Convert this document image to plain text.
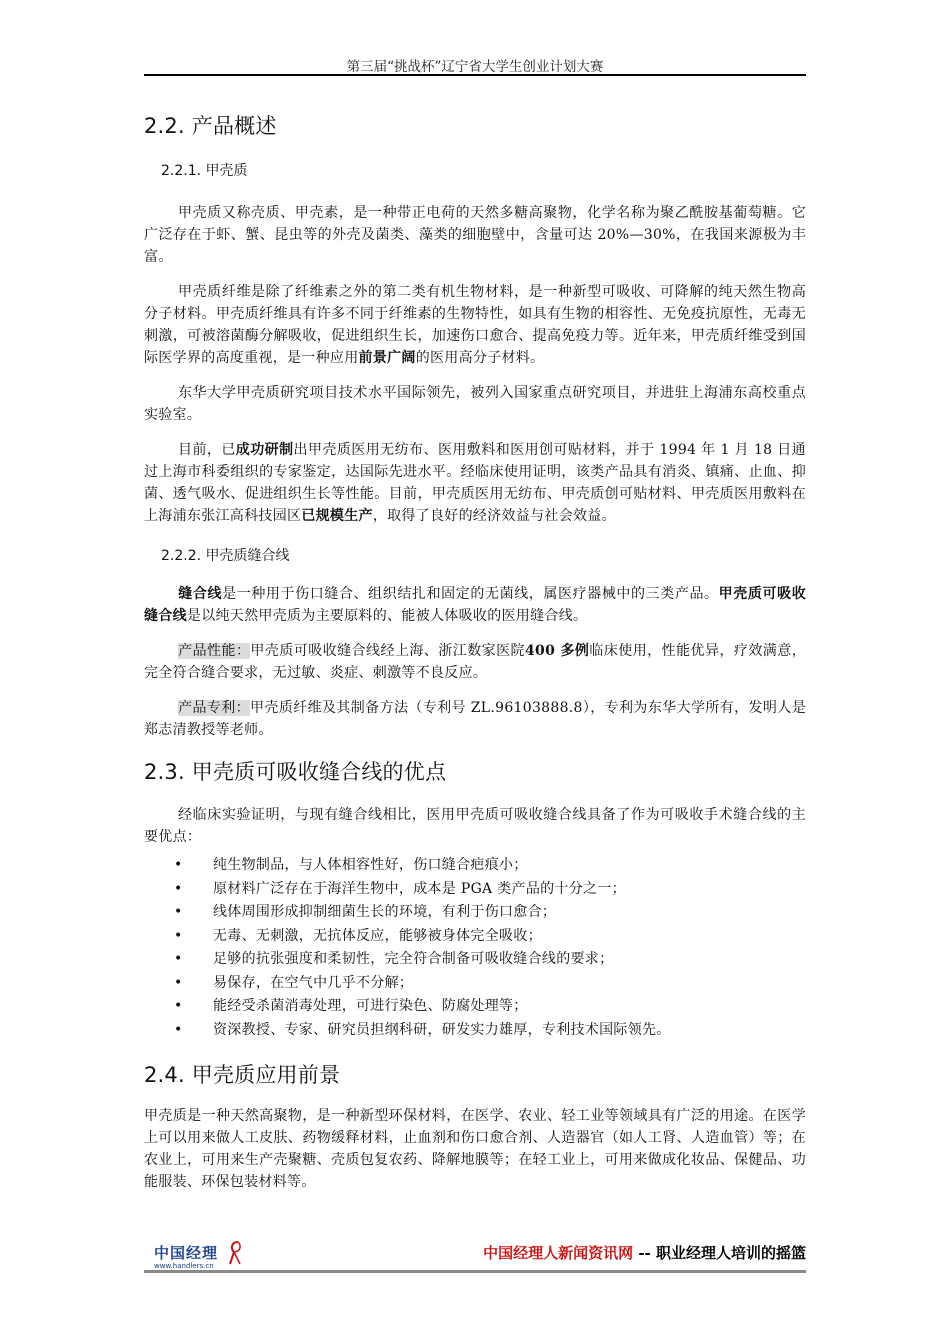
第三届“挑战杯”辽宁省大学生创业计划大赛
2.2. 产品概述
2.2.1. 甲壳质

甲壳质又称壳质、甲壳素，是一种带正电荷的天然多糖高聚物，化学名称为聚乙酰胺基葡萄糖。它广泛存在于虾、蟹、昆虫等的外壳及菌类、藻类的细胞壁中，含量可达 20%—30%，在我国来源极为丰富。

甲壳质纤维是除了纤维素之外的第二类有机生物材料，是一种新型可吸收、可降解的纯天然生物高分子材料。甲壳质纤维具有许多不同于纤维素的生物特性，如具有生物的相容性、无免疫抗原性，无毒无刺激，可被溶菌酶分解吸收，促进组织生长，加速伤口愈合、提高免疫力等。近年来，甲壳质纤维受到国际医学界的高度重视，是一种应用前景广阔的医用高分子材料。

东华大学甲壳质研究项目技术水平国际领先，被列入国家重点研究项目，并进驻上海浦东高校重点实验室。

目前，已成功研制出甲壳质医用无纺布、医用敷料和医用创可贴材料，并于 1994 年 1 月 18 日通过上海市科委组织的专家鉴定，达国际先进水平。经临床使用证明，该类产品具有消炎、镇痛、止血、抑菌、透气吸水、促进组织生长等性能。目前，甲壳质医用无纺布、甲壳质创可贴材料、甲壳质医用敷料在上海浦东张江高科技园区已规模生产，取得了良好的经济效益与社会效益。

2.2.2. 甲壳质缝合线

缝合线是一种用于伤口缝合、组织结扎和固定的无菌线，属医疗器械中的三类产品。甲壳质可吸收缝合线是以纯天然甲壳质为主要原料的、能被人体吸收的医用缝合线。

产品性能：甲壳质可吸收缝合线经上海、浙江数家医院400 多例临床使用，性能优异，疗效满意，完全符合缝合要求，无过敏、炎症、刺激等不良反应。

产品专利：甲壳质纤维及其制备方法（专利号 ZL.96103888.8），专利为东华大学所有，发明人是郑志清教授等老师。

2.3. 甲壳质可吸收缝合线的优点

经临床实验证明，与现有缝合线相比，医用甲壳质可吸收缝合线具备了作为可吸收手术缝合线的主要优点：

• 纯生物制品，与人体相容性好，伤口缝合疤痕小；
• 原材料广泛存在于海洋生物中，成本是 PGA 类产品的十分之一；
• 线体周围形成抑制细菌生长的环境，有利于伤口愈合；
• 无毒、无刺激，无抗体反应，能够被身体完全吸收；
• 足够的抗张强度和柔韧性，完全符合制备可吸收缝合线的要求；
• 易保存，在空气中几乎不分解；
• 能经受杀菌消毒处理，可进行染色、防腐处理等；
• 资深教授、专家、研究员担纲科研，研发实力雄厚，专利技术国际领先。
2.4. 甲壳质应用前景

甲壳质是一种天然高聚物，是一种新型环保材料，在医学、农业、轻工业等领域具有广泛的用途。在医学上可以用来做人工皮肤、药物缓释材料，止血剂和伤口愈合剂、人造器官（如人工肾、人造血管）等；在农业上，可用来生产壳聚糖、壳质包复农药、降解地膜等；在轻工业上，可用来做成化妆品、保健品、功能服装、环保包装材料等。

中国经理
www.handlers.cn
中国经理人新闻资讯网 -- 职业经理人培训的摇篮
